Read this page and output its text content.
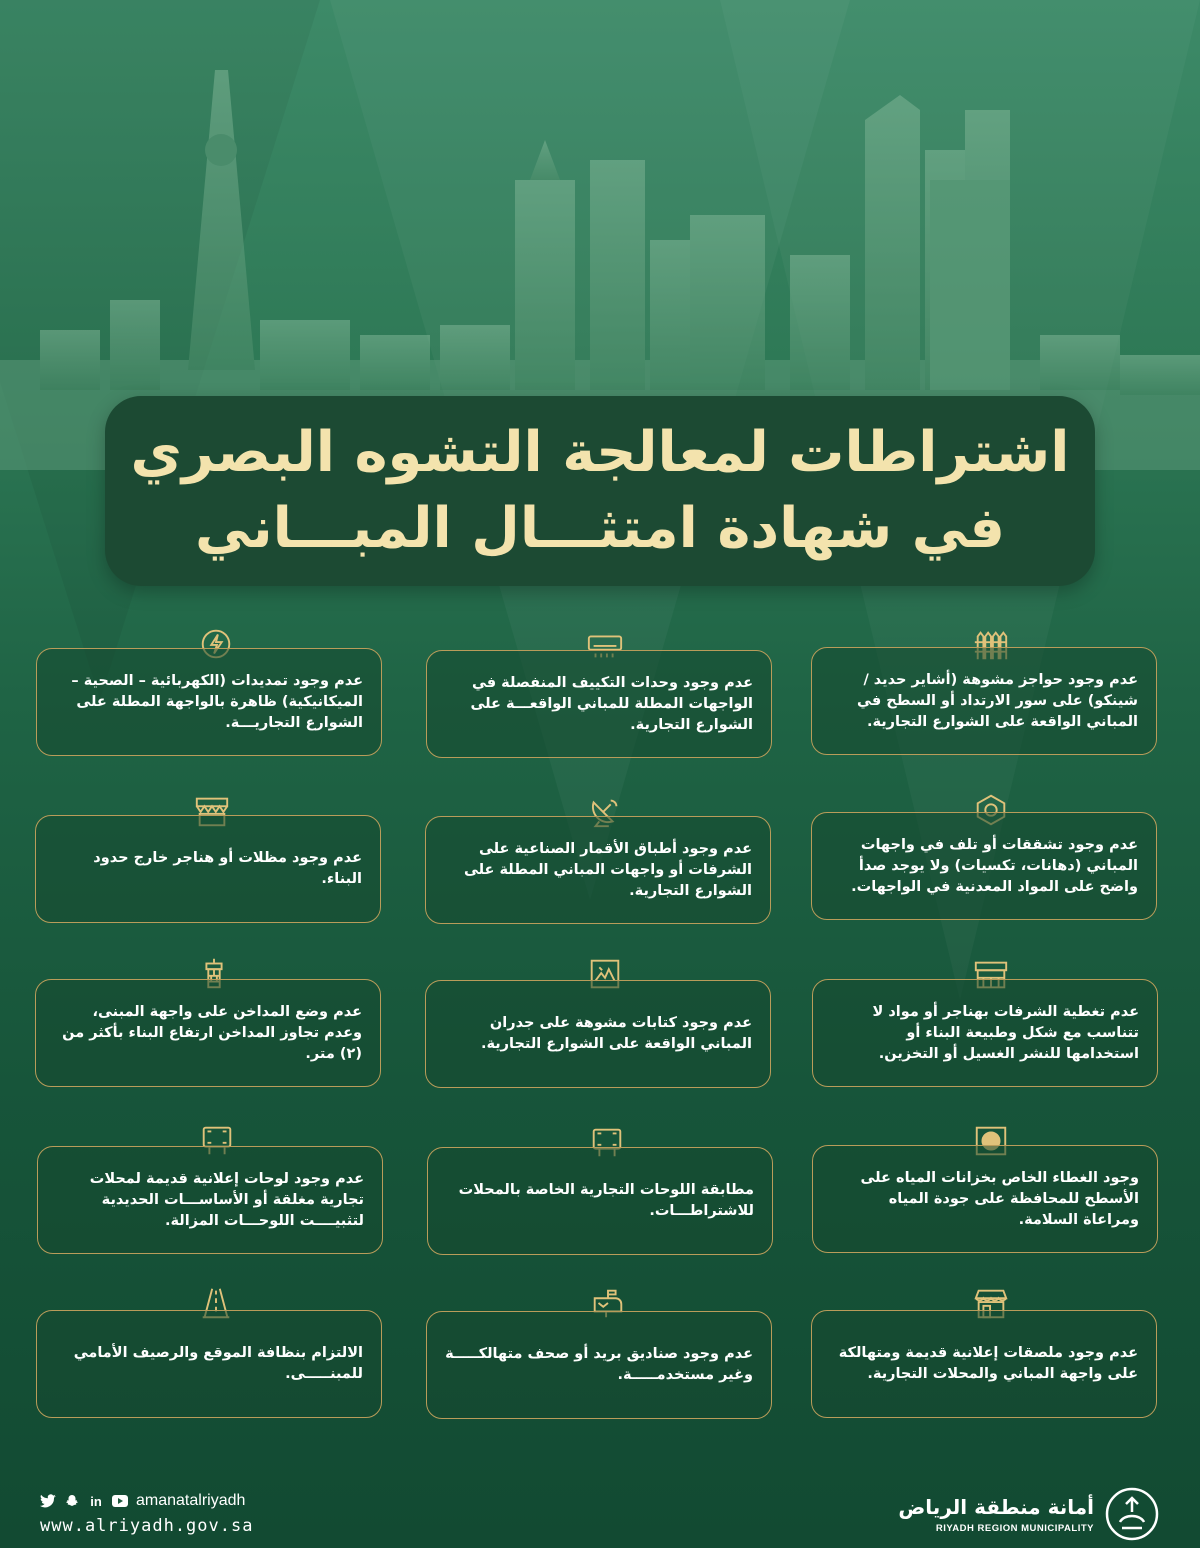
اشتراطات لمعالجة التشوه البصري
في شهادة امتثـــال المبـــاني
عدم وجود حواجز مشوهة (أشاير حديد / شينكو) على سور الارتداد أو السطح في المباني الواقعة على الشوارع التجارية.
عدم وجود وحدات التكييف المنفصلة في الواجهات المطلة للمباني الواقعـــة على الشوارع التجارية.
عدم وجود تمديدات (الكهربائية – الصحية – الميكانيكية) ظاهرة بالواجهة المطلة على الشوارع التجاريـــة.
عدم وجود تشققات أو تلف في واجهات المباني (دهانات، تكسيات) ولا يوجد صدأ واضح على المواد المعدنية في الواجهات.
عدم وجود أطباق الأقمار الصناعية على الشرفات أو واجهات المباني المطلة على الشوارع التجارية.
عدم وجود مظلات أو هناجر خارج حدود البناء.
عدم تغطية الشرفات بهناجر أو مواد لا تتناسب مع شكل وطبيعة البناء أو استخدامها للنشر الغسيل أو التخزين.
عدم وجود كتابات مشوهة على جدران المباني الواقعة على الشوارع التجارية.
عدم وضع المداخن على واجهة المبنى، وعدم تجاوز المداخن ارتفاع البناء بأكثر من (٢) متر.
وجود الغطاء الخاص بخزانات المياه على الأسطح للمحافظة على جودة المياه ومراعاة السلامة.
مطابقة اللوحات التجارية الخاصة بالمحلات للاشتراطـــات.
عدم وجود لوحات إعلانية قديمة لمحلات تجارية مغلقة أو الأساســـات الحديدية لتثبيــــت اللوحـــات المزالة.
عدم وجود ملصقات إعلانية قديمة ومتهالكة على واجهة المباني والمحلات التجارية.
عدم وجود صناديق بريد أو صحف متهالكـــــة وغير مستخدمـــــة.
الالتزام بنظافة الموقع والرصيف الأمامي للمبنـــــى.
in amanatalriyadh
www.alriyadh.gov.sa
أمانة منطقة الرياض
RIYADH REGION MUNICIPALITY
